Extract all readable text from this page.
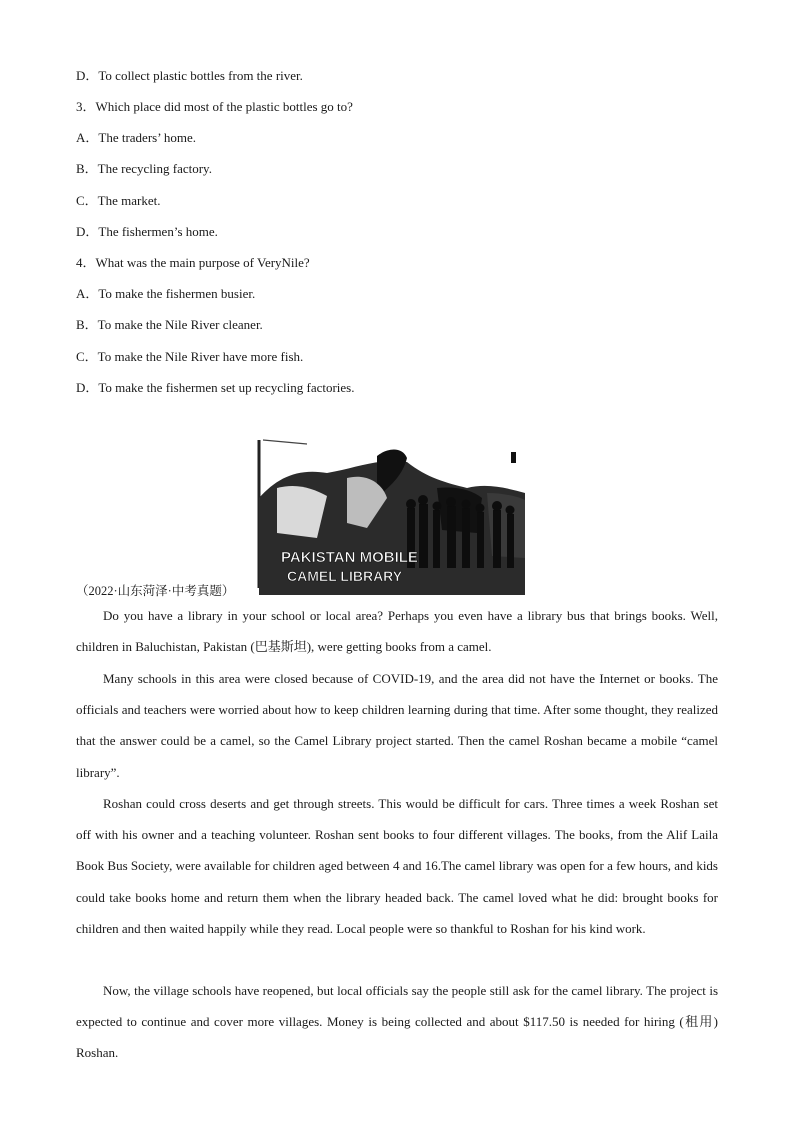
D．To collect plastic bottles from the river.
3．Which place did most of the plastic bottles go to?
A．The traders’ home.
B．The recycling factory.
C．The market.
D．The fishermen’s home.
4．What was the main purpose of VeryNile?
A．To make the fishermen busier.
B．To make the Nile River cleaner.
C．To make the Nile River have more fish.
D．To make the fishermen set up recycling factories.
PAKISTAN MOBILE
CAMEL LIBRARY
（2022·山东菏泽·中考真题）

Do you have a library in your school or local area? Perhaps you even have a library bus that brings books. Well, children in Baluchistan, Pakistan (巴基斯坦), were getting books from a camel.

Many schools in this area were closed because of COVID-19, and the area did not have the Internet or books. The officials and teachers were worried about how to keep children learning during that time. After some thought, they realized that the answer could be a camel, so the Camel Library project started. Then the camel Roshan became a mobile “camel library”.

Roshan could cross deserts and get through streets. This would be difficult for cars. Three times a week Roshan set off with his owner and a teaching volunteer. Roshan sent books to four different villages. The books, from the Alif Laila Book Bus Society, were available for children aged between 4 and 16.The camel library was open for a few hours, and kids could take books home and return them when the library headed back. The camel loved what he did: brought books for children and then waited happily while they read. Local people were so thankful to Roshan for his kind work.

Now, the village schools have reopened, but local officials say the people still ask for the camel library. The project is expected to continue and cover more villages. Money is being collected and about $117.50 is needed for hiring (租用) Roshan.
